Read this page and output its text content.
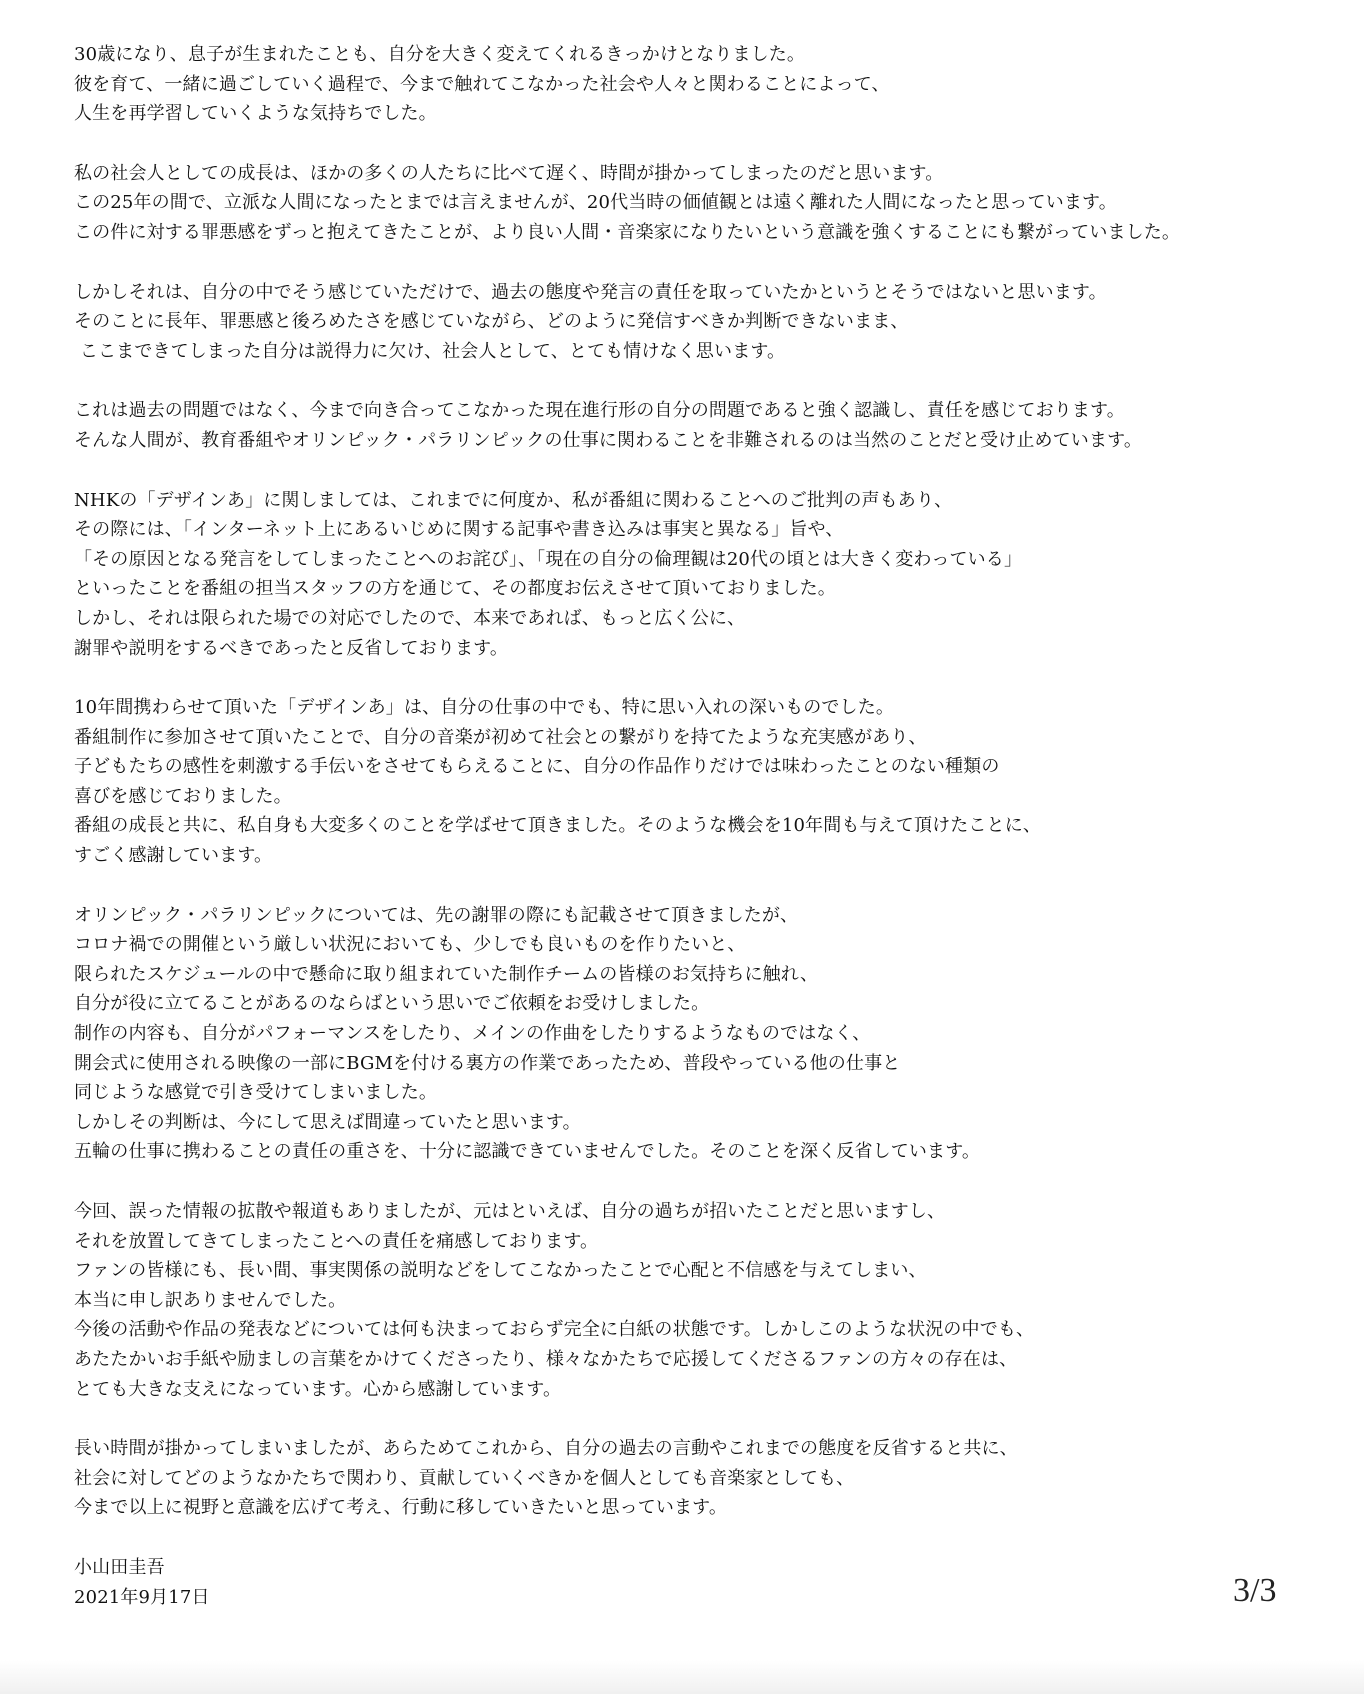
30歳になり、息子が生まれたことも、自分を大きく変えてくれるきっかけとなりました。
彼を育て、一緒に過ごしていく過程で、今まで触れてこなかった社会や人々と関わることによって、
人生を再学習していくような気持ちでした。
私の社会人としての成長は、ほかの多くの人たちに比べて遅く、時間が掛かってしまったのだと思います。
この25年の間で、立派な人間になったとまでは言えませんが、20代当時の価値観とは遠く離れた人間になったと思っています。
この件に対する罪悪感をずっと抱えてきたことが、より良い人間・音楽家になりたいという意識を強くすることにも繋がっていました。
しかしそれは、自分の中でそう感じていただけで、過去の態度や発言の責任を取っていたかというとそうではないと思います。
そのことに長年、罪悪感と後ろめたさを感じていながら、どのように発信すべきか判断できないまま、
ここまできてしまった自分は説得力に欠け、社会人として、とても情けなく思います。
これは過去の問題ではなく、今まで向き合ってこなかった現在進行形の自分の問題であると強く認識し、責任を感じております。
そんな人間が、教育番組やオリンピック・パラリンピックの仕事に関わることを非難されるのは当然のことだと受け止めています。
NHKの「デザインあ」に関しましては、これまでに何度か、私が番組に関わることへのご批判の声もあり、
その際には、「インターネット上にあるいじめに関する記事や書き込みは事実と異なる」旨や、
「その原因となる発言をしてしまったことへのお詫び」、「現在の自分の倫理観は20代の頃とは大きく変わっている」
といったことを番組の担当スタッフの方を通じて、その都度お伝えさせて頂いておりました。
しかし、それは限られた場での対応でしたので、本来であれば、もっと広く公に、
謝罪や説明をするべきであったと反省しております。
10年間携わらせて頂いた「デザインあ」は、自分の仕事の中でも、特に思い入れの深いものでした。
番組制作に参加させて頂いたことで、自分の音楽が初めて社会との繋がりを持てたような充実感があり、
子どもたちの感性を刺激する手伝いをさせてもらえることに、自分の作品作りだけでは味わったことのない種類の
喜びを感じておりました。
番組の成長と共に、私自身も大変多くのことを学ばせて頂きました。そのような機会を10年間も与えて頂けたことに、
すごく感謝しています。
オリンピック・パラリンピックについては、先の謝罪の際にも記載させて頂きましたが、
コロナ禍での開催という厳しい状況においても、少しでも良いものを作りたいと、
限られたスケジュールの中で懸命に取り組まれていた制作チームの皆様のお気持ちに触れ、
自分が役に立てることがあるのならばという思いでご依頼をお受けしました。
制作の内容も、自分がパフォーマンスをしたり、メインの作曲をしたりするようなものではなく、
開会式に使用される映像の一部にBGMを付ける裏方の作業であったため、普段やっている他の仕事と
同じような感覚で引き受けてしまいました。
しかしその判断は、今にして思えば間違っていたと思います。
五輪の仕事に携わることの責任の重さを、十分に認識できていませんでした。そのことを深く反省しています。
今回、誤った情報の拡散や報道もありましたが、元はといえば、自分の過ちが招いたことだと思いますし、
それを放置してきてしまったことへの責任を痛感しております。
ファンの皆様にも、長い間、事実関係の説明などをしてこなかったことで心配と不信感を与えてしまい、
本当に申し訳ありませんでした。
今後の活動や作品の発表などについては何も決まっておらず完全に白紙の状態です。しかしこのような状況の中でも、
あたたかいお手紙や励ましの言葉をかけてくださったり、様々なかたちで応援してくださるファンの方々の存在は、
とても大きな支えになっています。心から感謝しています。
長い時間が掛かってしまいましたが、あらためてこれから、自分の過去の言動やこれまでの態度を反省すると共に、
社会に対してどのようなかたちで関わり、貢献していくべきかを個人としても音楽家としても、
今まで以上に視野と意識を広げて考え、行動に移していきたいと思っています。
小山田圭吾
2021年9月17日	3/3
